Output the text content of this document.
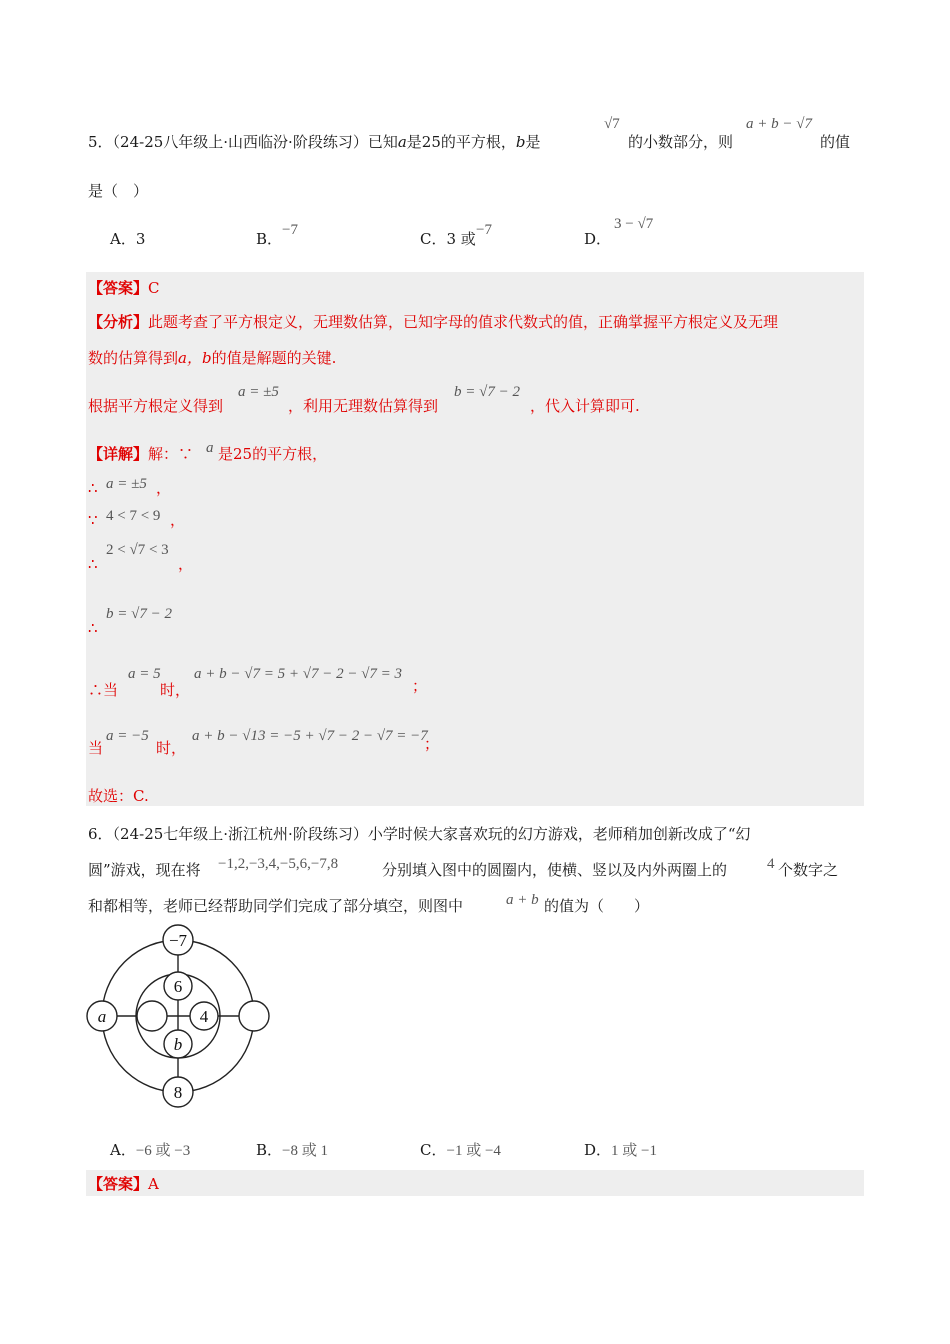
5．（24-25八年级上·山西临汾·阶段练习）已知a是25的平方根，b是
√7
的小数部分，则
a + b − √7
的值
是（　）
A．3	B． −7	C．3 或 −7	D．
3 − √7
【答案】C
【分析】此题考查了平方根定义，无理数估算，已知字母的值求代数式的值，正确掌握平方根定义及无理
数的估算得到a，b的值是解题的关键.
根据平方根定义得到
a = ±5
，利用无理数估算得到
b = √7 − 2
，代入计算即可.
【详解】解：∵ a 是25的平方根，
∴ a = ±5 ，
∵ 4 < 7 < 9 ，
∴
2 < √7 < 3
，
∴
b = √7 − 2
∴当
a = 5
时，
a + b − √7 = 5 + √7 − 2 − √7 = 3
；
当
a = −5
时，
a + b − √13 = −5 + √7 − 2 − √7 = −7
；
故选：C.
6．（24-25七年级上·浙江杭州·阶段练习）小学时候大家喜欢玩的幻方游戏，老师稍加创新改成了“幻
圆”游戏，现在将 −1,2,−3,4,−5,6,−7,8	分别填入图中的圆圈内，使横、竖以及内外两圈上的	4 个数字之
和都相等，老师已经帮助同学们完成了部分填空，则图中	a + b 的值为（　　）
−7
6
4
b
a
8
A．−6 或 −3	B．−8 或 1	C．−1 或 −4	D．1 或 −1
【答案】A
